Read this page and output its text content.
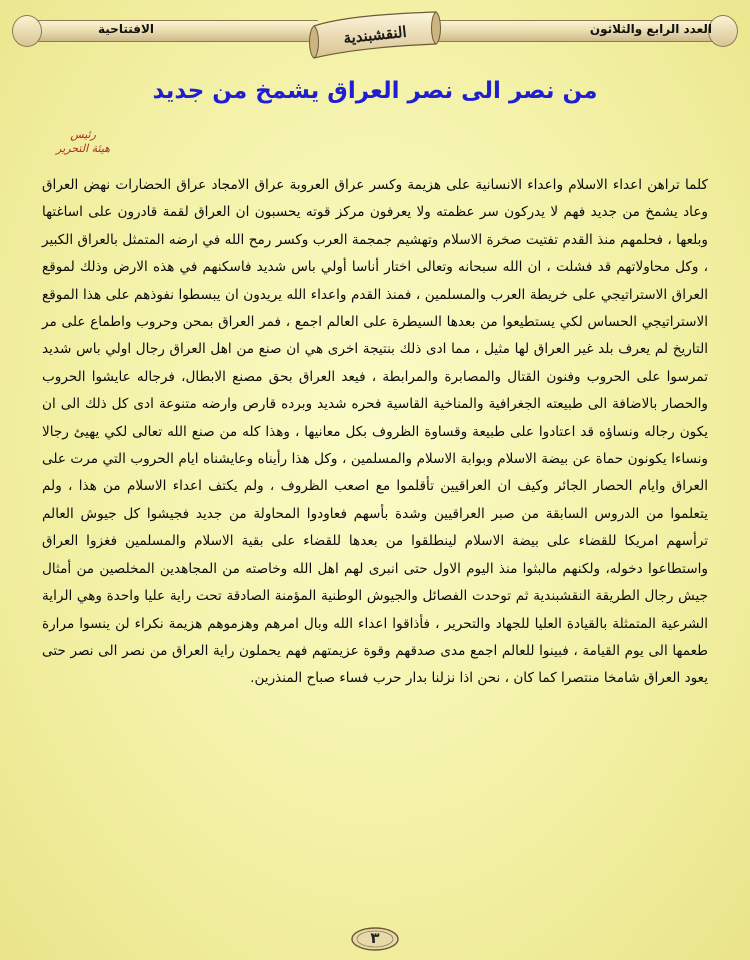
العدد الرابع والثلاثون
الافتتاحية	النقشبندية
من نصر الى نصر العراق يشمخ من جديد
رئيس
هيئة التحرير
كلما تراهن اعداء الاسلام واعداء الانسانية على هزيمة وكسر عراق العروبة عراق الامجاد عراق الحضارات نهض العراق وعاد يشمخ من جديد فهم لا يدركون سر عظمته ولا يعرفون مركز قوته يحسبون ان العراق لقمة قادرون على اساغتها وبلعها ، فحلمهم منذ القدم تفتيت صخرة الاسلام وتهشيم جمجمة العرب وكسر رمح الله في ارضه المتمثل بالعراق الكبير ، وكل محاولاتهم قد فشلت ، ان الله سبحانه وتعالى اختار أناسا أولي باس شديد فاسكنهم في هذه الارض وذلك لموقع العراق الاستراتيجي على خريطة العرب والمسلمين ، فمنذ القدم واعداء الله يريدون ان يبسطوا نفوذهم على هذا الموقع الاستراتيجي الحساس لكي يستطيعوا من بعدها السيطرة على العالم اجمع ، فمر العراق بمحن وحروب واطماع على مر التاريخ لم يعرف بلد غير العراق لها مثيل ، مما ادى ذلك بنتيجة اخرى هي ان صنع من اهل العراق رجال اولي باس شديد تمرسوا على الحروب وفنون القتال والمصابرة والمرابطة ، فيعد العراق بحق مصنع الابطال، فرجاله عايشوا الحروب والحصار بالاضافة الى طبيعته الجغرافية والمناخية القاسية فحره شديد وبرده قارص وارضه متنوعة ادى كل ذلك الى ان يكون رجاله ونساؤه قد اعتادوا على طبيعة وقساوة الظروف بكل معانيها ، وهذا كله من صنع الله تعالى لكي يهيئ رجالا ونساءا يكونون حماة عن بيضة الاسلام وبوابة الاسلام والمسلمين ، وكل هذا رأيناه وعايشناه ايام الحروب التي مرت على العراق وايام الحصار الجائر وكيف ان العراقيين تأقلموا مع اصعب الظروف ، ولم يكتف اعداء الاسلام من هذا ، ولم يتعلموا من الدروس السابقة من صبر العراقيين وشدة بأسهم فعاودوا المحاولة من جديد فجيشوا كل جيوش العالم ترأسهم امريكا للقضاء على بيضة الاسلام لينطلقوا من بعدها للقضاء على بقية الاسلام والمسلمين فغزوا العراق واستطاعوا دخوله، ولكنهم مالبثوا منذ اليوم الاول حتى انبرى لهم اهل الله وخاصته من المجاهدين المخلصين من أمثال جيش رجال الطريقة النقشبندية ثم توحدت الفصائل والجيوش الوطنية المؤمنة الصادقة تحت راية عليا واحدة وهي الراية الشرعية المتمثلة بالقيادة العليا للجهاد والتحرير ، فأذاقوا اعداء الله وبال امرهم وهزموهم هزيمة نكراء لن ينسوا مرارة طعمها الى يوم القيامة ، فبينوا للعالم اجمع مدى صدقهم وقوة عزيمتهم فهم يحملون راية العراق من نصر الى نصر حتى يعود العراق شامخا منتصرا كما كان ، نحن اذا نزلنا بدار حرب فساء صباح المنذرين.
٣
